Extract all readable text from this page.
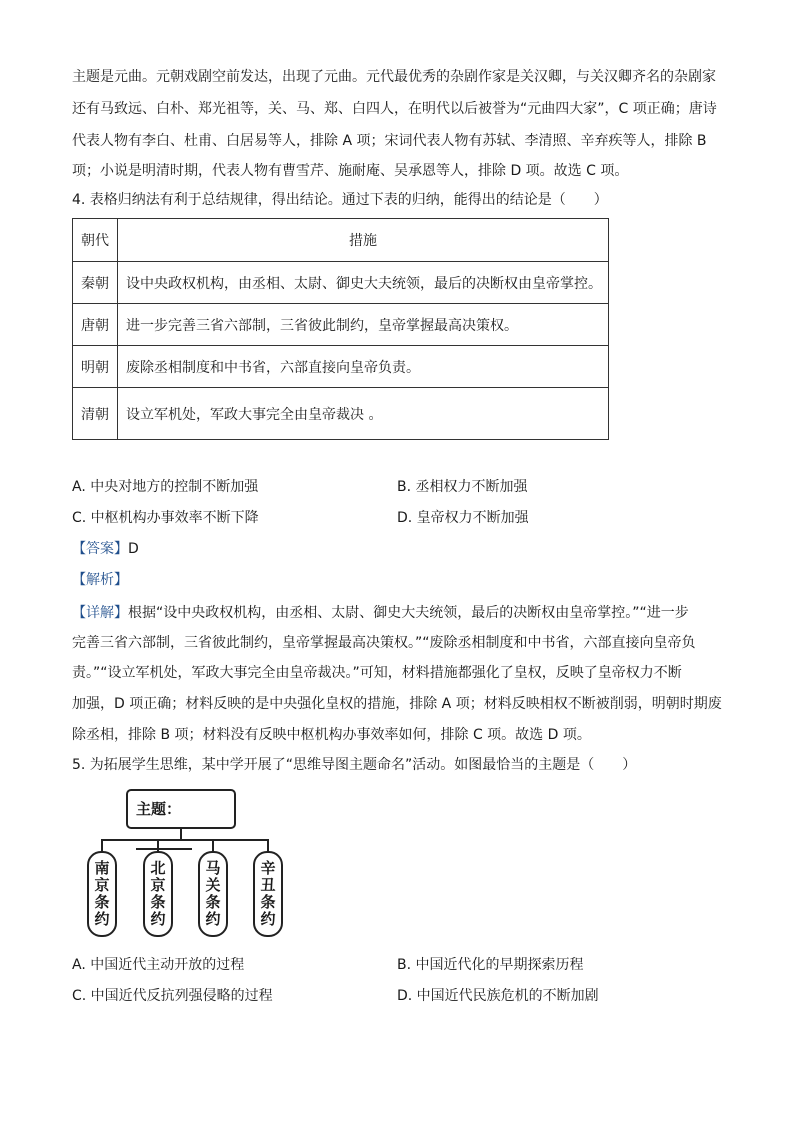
主题是元曲。元朝戏剧空前发达，出现了元曲。元代最优秀的杂剧作家是关汉卿，与关汉卿齐名的杂剧家
还有马致远、白朴、郑光祖等，关、马、郑、白四人，在明代以后被誉为“元曲四大家”，C 项正确；唐诗
代表人物有李白、杜甫、白居易等人，排除 A 项；宋词代表人物有苏轼、李清照、辛弃疾等人，排除 B
项；小说是明清时期，代表人物有曹雪芹、施耐庵、吴承恩等人，排除 D 项。故选 C 项。
4. 表格归纳法有利于总结规律，得出结论。通过下表的归纳，能得出的结论是（　　）
朝代	措施
秦朝	设中央政权机构，由丞相、太尉、御史大夫统领，最后的决断权由皇帝掌控。
唐朝	进一步完善三省六部制，三省彼此制约，皇帝掌握最高决策权。
明朝	废除丞相制度和中书省，六部直接向皇帝负责。
清朝	设立军机处，军政大事完全由皇帝裁决 。
A. 中央对地方的控制不断加强	B. 丞相权力不断加强
C. 中枢机构办事效率不断下降	D. 皇帝权力不断加强
【答案】D
【解析】
【详解】根据“设中央政权机构，由丞相、太尉、御史大夫统领，最后的决断权由皇帝掌控。”“进一步
完善三省六部制，三省彼此制约，皇帝掌握最高决策权。”“废除丞相制度和中书省，六部直接向皇帝负
责。”“设立军机处，军政大事完全由皇帝裁决。”可知，材料措施都强化了皇权，反映了皇帝权力不断
加强，D 项正确；材料反映的是中央强化皇权的措施，排除 A 项；材料反映相权不断被削弱，明朝时期废
除丞相，排除 B 项；材料没有反映中枢机构办事效率如何，排除 C 项。故选 D 项。
5. 为拓展学生思维，某中学开展了“思维导图主题命名”活动。如图最恰当的主题是（　　）
主题：
南
京
条
约
北
京
条
约
马
关
条
约
辛
丑
条
约
A. 中国近代主动开放的过程	B. 中国近代化的早期探索历程
C. 中国近代反抗列强侵略的过程	D. 中国近代民族危机的不断加剧
